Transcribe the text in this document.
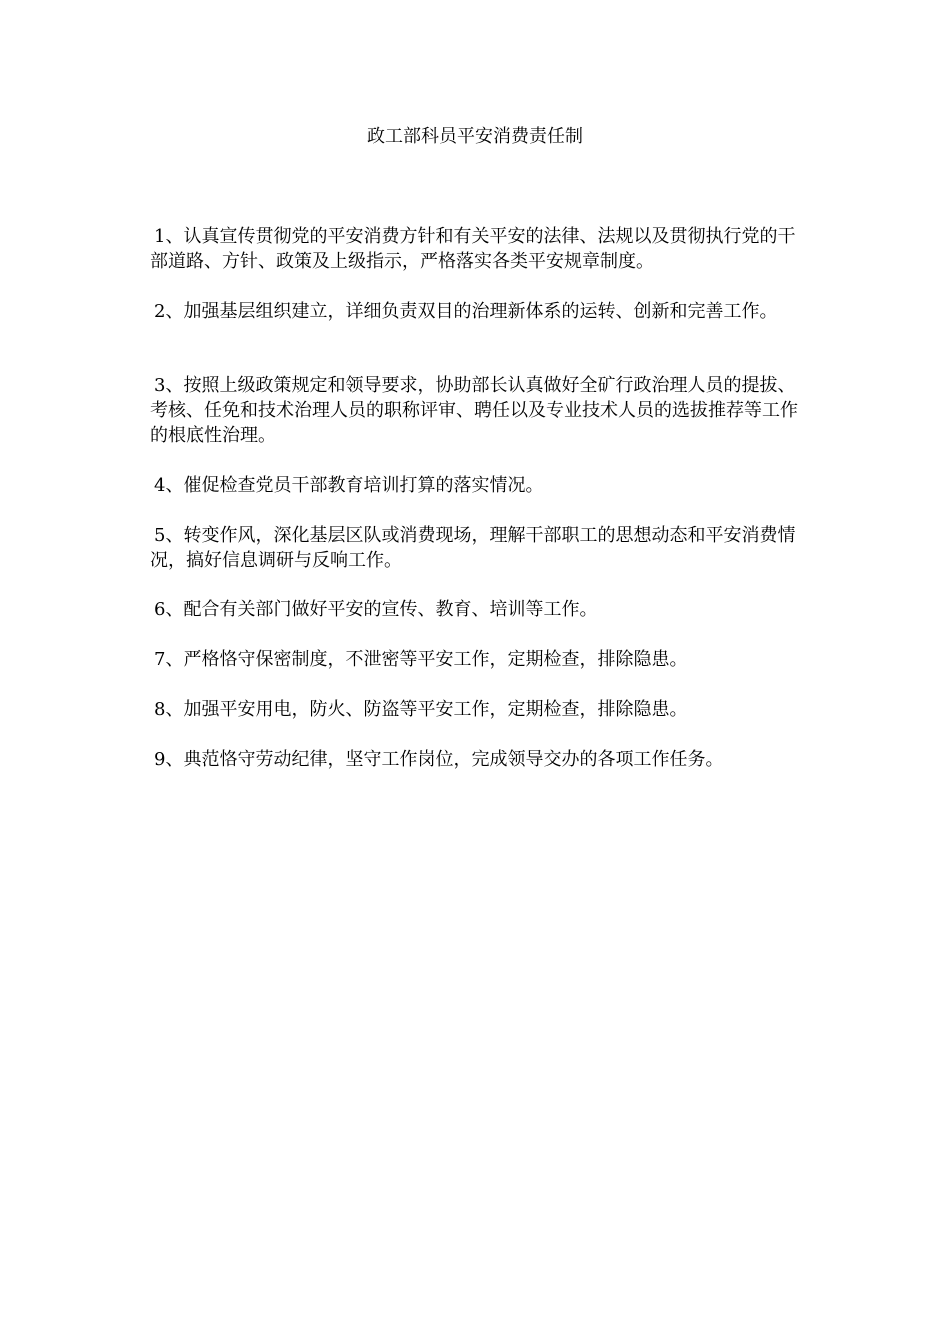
政工部科员平安消费责任制

1、认真宣传贯彻党的平安消费方针和有关平安的法律、法规以及贯彻执行党的干部道路、方针、政策及上级指示，严格落实各类平安规章制度。

2、加强基层组织建立，详细负责双目的治理新体系的运转、创新和完善工作。

3、按照上级政策规定和领导要求，协助部长认真做好全矿行政治理人员的提拔、考核、任免和技术治理人员的职称评审、聘任以及专业技术人员的选拔推荐等工作的根底性治理。

4、催促检查党员干部教育培训打算的落实情况。

5、转变作风，深化基层区队或消费现场，理解干部职工的思想动态和平安消费情况，搞好信息调研与反响工作。

6、配合有关部门做好平安的宣传、教育、培训等工作。

7、严格恪守保密制度，不泄密等平安工作，定期检查，排除隐患。

8、加强平安用电，防火、防盗等平安工作，定期检查，排除隐患。

9、典范恪守劳动纪律，坚守工作岗位，完成领导交办的各项工作任务。
